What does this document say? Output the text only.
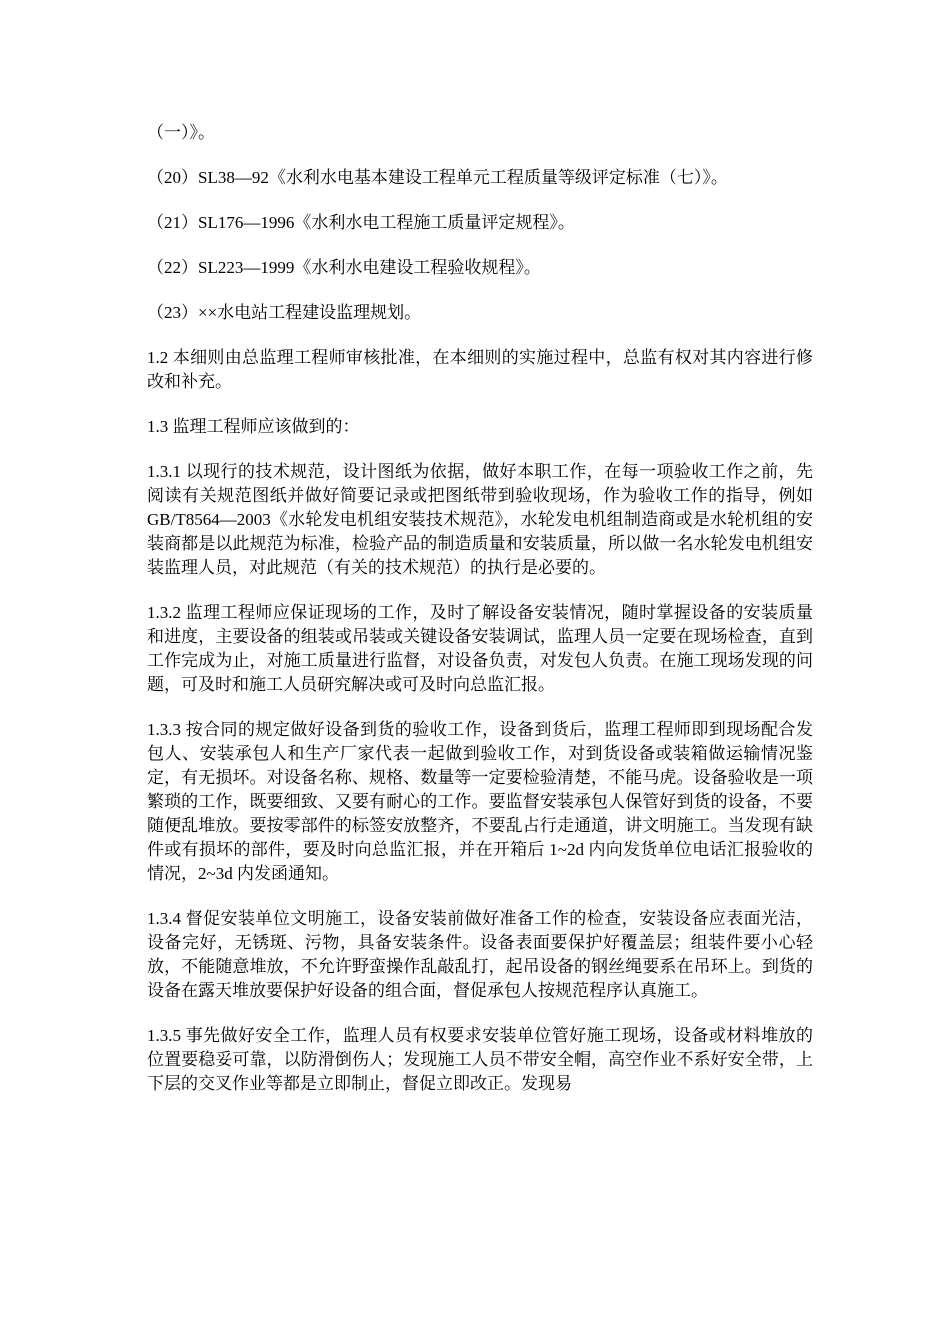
（一）》。

（20）SL38—92《水利水电基本建设工程单元工程质量等级评定标准（七）》。

（21）SL176—1996《水利水电工程施工质量评定规程》。

（22）SL223—1999《水利水电建设工程验收规程》。

（23）××水电站工程建设监理规划。

1.2 本细则由总监理工程师审核批准，在本细则的实施过程中，总监有权对其内容进行修改和补充。

1.3 监理工程师应该做到的：

1.3.1 以现行的技术规范，设计图纸为依据，做好本职工作，在每一项验收工作之前，先阅读有关规范图纸并做好简要记录或把图纸带到验收现场，作为验收工作的指导，例如 GB/T8564—2003《水轮发电机组安装技术规范》，水轮发电机组制造商或是水轮机组的安装商都是以此规范为标准，检验产品的制造质量和安装质量，所以做一名水轮发电机组安装监理人员，对此规范（有关的技术规范）的执行是必要的。

1.3.2 监理工程师应保证现场的工作，及时了解设备安装情况，随时掌握设备的安装质量和进度，主要设备的组装或吊装或关键设备安装调试，监理人员一定要在现场检查，直到工作完成为止，对施工质量进行监督，对设备负责，对发包人负责。在施工现场发现的问题，可及时和施工人员研究解决或可及时向总监汇报。

1.3.3 按合同的规定做好设备到货的验收工作，设备到货后，监理工程师即到现场配合发包人、安装承包人和生产厂家代表一起做到验收工作，对到货设备或装箱做运输情况鉴定，有无损坏。对设备名称、规格、数量等一定要检验清楚，不能马虎。设备验收是一项繁琐的工作，既要细致、又要有耐心的工作。要监督安装承包人保管好到货的设备，不要随便乱堆放。要按零部件的标签安放整齐，不要乱占行走通道，讲文明施工。当发现有缺件或有损坏的部件，要及时向总监汇报，并在开箱后 1~2d 内向发货单位电话汇报验收的情况，2~3d 内发函通知。

1.3.4 督促安装单位文明施工，设备安装前做好准备工作的检查，安装设备应表面光洁，设备完好，无锈斑、污物，具备安装条件。设备表面要保护好覆盖层；组装件要小心轻放，不能随意堆放，不允许野蛮操作乱敲乱打，起吊设备的钢丝绳要系在吊环上。到货的设备在露天堆放要保护好设备的组合面，督促承包人按规范程序认真施工。

1.3.5 事先做好安全工作，监理人员有权要求安装单位管好施工现场，设备或材料堆放的位置要稳妥可靠，以防滑倒伤人；发现施工人员不带安全帽，高空作业不系好安全带，上下层的交叉作业等都是立即制止，督促立即改正。发现易
